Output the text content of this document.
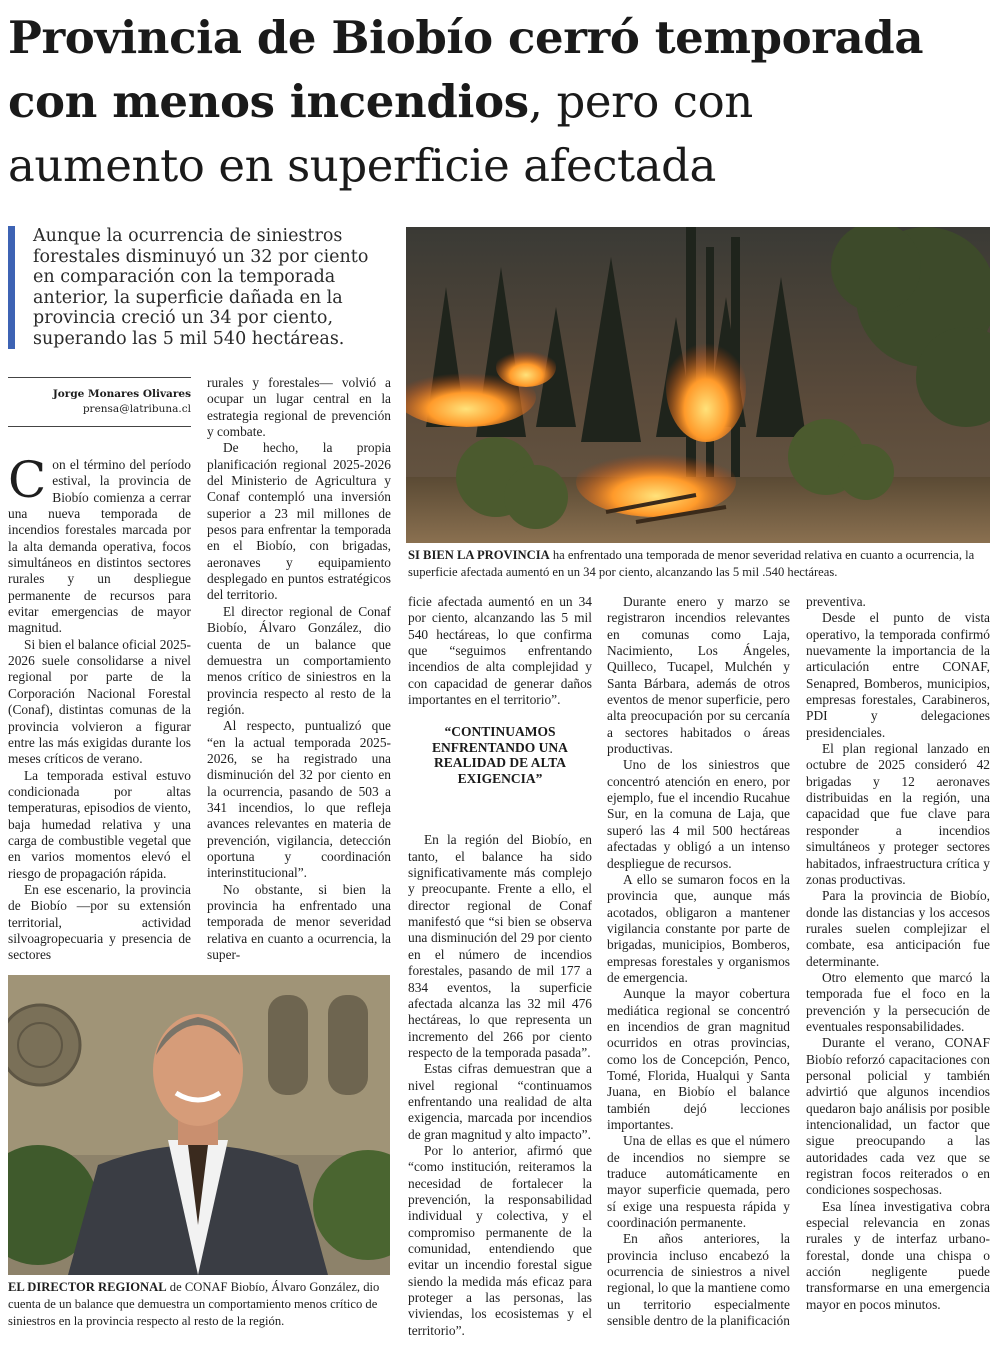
Provincia de Biobío cerró temporada
con menos incendios, pero con
aumento en superficie afectada
Aunque la ocurrencia de siniestros forestales disminuyó un 32 por ciento en comparación con la temporada anterior, la superficie dañada en la provincia creció un 34 por ciento, superando las 5 mil 540 hectáreas.
Jorge Monares Olivares
prensa@latribuna.cl
SI BIEN LA PROVINCIA ha enfrentado una temporada de menor severidad relativa en cuanto a ocurrencia, la superficie afectada aumentó en un 34 por ciento, alcanzando las 5 mil .540 hectáreas.
EL DIRECTOR REGIONAL de CONAF Biobío, Álvaro González, dio cuenta de un balance que demuestra un comportamiento menos crítico de siniestros en la provincia respecto al resto de la región.

Con el término del período estival, la provincia de Biobío comienza a cerrar una nueva temporada de incendios forestales marcada por la alta demanda operativa, focos simultáneos en distintos sectores rurales y un despliegue permanente de recursos para evitar emergencias de mayor magnitud.

Si bien el balance oficial 2025-2026 suele consolidarse a nivel regional por parte de la Corporación Nacional Forestal (Conaf), distintas comunas de la provincia volvieron a figurar entre las más exigidas durante los meses críticos de verano.

La temporada estival estuvo condicionada por altas temperaturas, episodios de viento, baja humedad relativa y una carga de combustible vegetal que en varios momentos elevó el riesgo de propagación rápida.

En ese escenario, la provincia de Biobío —por su extensión territorial, actividad silvoagropecuaria y presencia de sectores

rurales y forestales— volvió a ocupar un lugar central en la estrategia regional de prevención y combate.

De hecho, la propia planificación regional 2025-2026 del Ministerio de Agricultura y Conaf contempló una inversión superior a 23 mil millones de pesos para enfrentar la temporada en el Biobío, con brigadas, aeronaves y equipamiento desplegado en puntos estratégicos del territorio.

El director regional de Conaf Biobío, Álvaro González, dio cuenta de un balance que demuestra un comportamiento menos crítico de siniestros en la provincia respecto al resto de la región.

Al respecto, puntualizó que “en la actual temporada 2025-2026, se ha registrado una disminución del 32 por ciento en la ocurrencia, pasando de 503 a 341 incendios, lo que refleja avances relevantes en materia de prevención, vigilancia, detección oportuna y coordinación interinstitucional”.

No obstante, si bien la provincia ha enfrentado una temporada de menor severidad relativa en cuanto a ocurrencia, la super-

ficie afectada aumentó en un 34 por ciento, alcanzando las 5 mil 540 hectáreas, lo que confirma que “seguimos enfrentando incendios de alta complejidad y con capacidad de generar daños importantes en el territorio”.

En la región del Biobío, en tanto, el balance ha sido significativamente más complejo y preocupante. Frente a ello, el director regional de Conaf manifestó que “si bien se observa una disminución del 29 por ciento en el número de incendios forestales, pasando de mil 177 a 834 eventos, la superficie afectada alcanza las 32 mil 476 hectáreas, lo que representa un incremento del 266 por ciento respecto de la temporada pasada”.

Estas cifras demuestran que a nivel regional “continuamos enfrentando una realidad de alta exigencia, marcada por incendios de gran magnitud y alto impacto”.

Por lo anterior, afirmó que “como institución, reiteramos la necesidad de fortalecer la prevención, la responsabilidad individual y colectiva, y el compromiso permanente de la comunidad, entendiendo que evitar un incendio forestal sigue siendo la medida más eficaz para proteger a las personas, las viviendas, los ecosistemas y el territorio”.

“CONTINUAMOS ENFRENTANDO UNA REALIDAD DE ALTA EXIGENCIA”

Durante enero y marzo se registraron incendios relevantes en comunas como Laja, Nacimiento, Los Ángeles, Quilleco, Tucapel, Mulchén y Santa Bárbara, además de otros eventos de menor superficie, pero alta preocupación por su cercanía a sectores habitados o áreas productivas.

Uno de los siniestros que concentró atención en enero, por ejemplo, fue el incendio Rucahue Sur, en la comuna de Laja, que superó las 4 mil 500 hectáreas afectadas y obligó a un intenso despliegue de recursos.

A ello se sumaron focos en la provincia que, aunque más acotados, obligaron a mantener vigilancia constante por parte de brigadas, municipios, Bomberos, empresas forestales y organismos de emergencia.

Aunque la mayor cobertura mediática regional se concentró en incendios de gran magnitud ocurridos en otras provincias, como los de Concepción, Penco, Tomé, Florida, Hualqui y Santa Juana, en Biobío el balance también dejó lecciones importantes.

Una de ellas es que el número de incendios no siempre se traduce automáticamente en mayor superficie quemada, pero sí exige una respuesta rápida y coordinación permanente.

En años anteriores, la provincia incluso encabezó la ocurrencia de siniestros a nivel regional, lo que la mantiene como un territorio especialmente sensible dentro de la planificación

preventiva.

Desde el punto de vista operativo, la temporada confirmó nuevamente la importancia de la articulación entre CONAF, Senapred, Bomberos, municipios, empresas forestales, Carabineros, PDI y delegaciones presidenciales.

El plan regional lanzado en octubre de 2025 consideró 42 brigadas y 12 aeronaves distribuidas en la región, una capacidad que fue clave para responder a incendios simultáneos y proteger sectores habitados, infraestructura crítica y zonas productivas.

Para la provincia de Biobío, donde las distancias y los accesos rurales suelen complejizar el combate, esa anticipación fue determinante.

Otro elemento que marcó la temporada fue el foco en la prevención y la persecución de eventuales responsabilidades.

Durante el verano, CONAF Biobío reforzó capacitaciones con personal policial y también advirtió que algunos incendios quedaron bajo análisis por posible intencionalidad, un factor que sigue preocupando a las autoridades cada vez que se registran focos reiterados o en condiciones sospechosas.

Esa línea investigativa cobra especial relevancia en zonas rurales y de interfaz urbano-forestal, donde una chispa o acción negligente puede transformarse en una emergencia mayor en pocos minutos.
